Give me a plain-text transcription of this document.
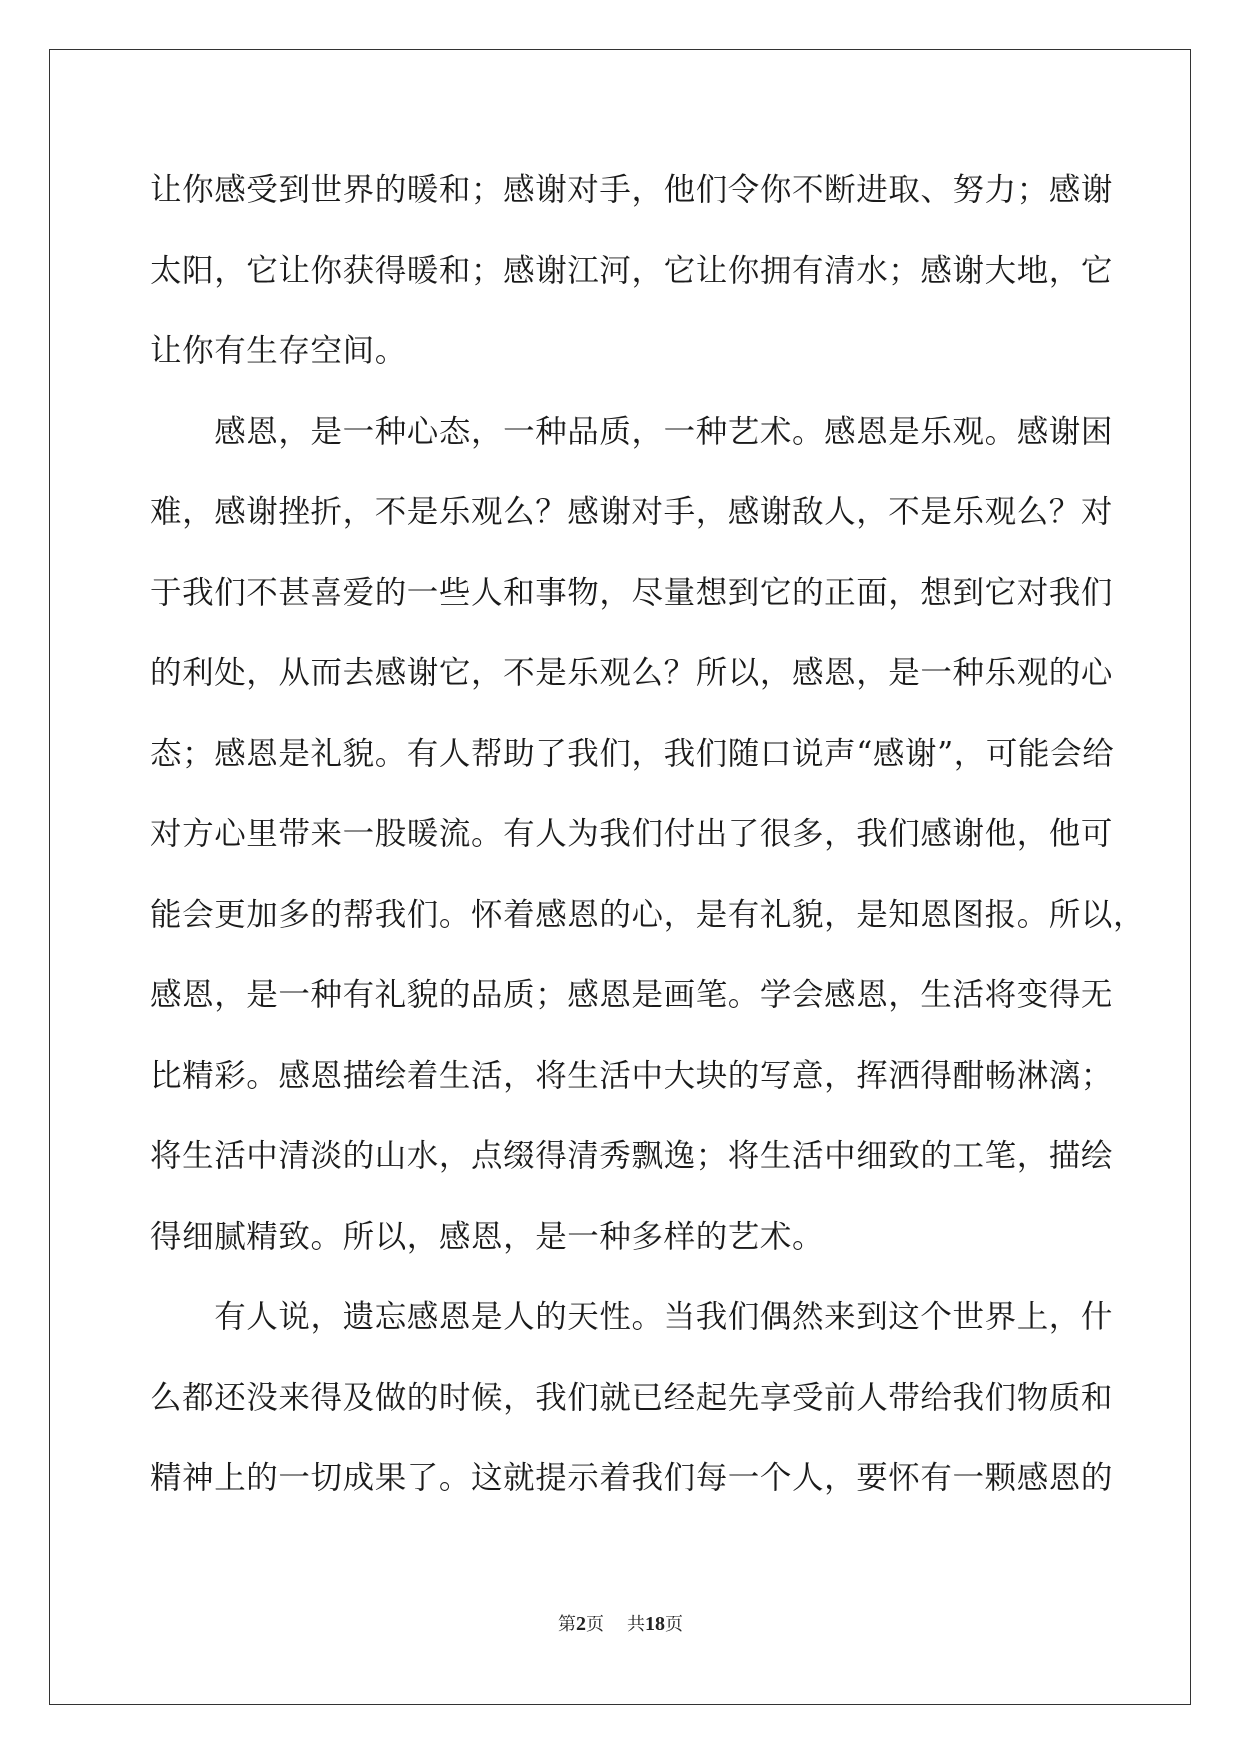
让你感受到世界的暖和；感谢对手，他们令你不断进取、努力；感谢
太阳，它让你获得暖和；感谢江河，它让你拥有清水；感谢大地，它
让你有生存空间。
　　感恩，是一种心态，一种品质，一种艺术。感恩是乐观。感谢困
难，感谢挫折，不是乐观么？感谢对手，感谢敌人，不是乐观么？对
于我们不甚喜爱的一些人和事物，尽量想到它的正面，想到它对我们
的利处，从而去感谢它，不是乐观么？所以，感恩，是一种乐观的心
态；感恩是礼貌。有人帮助了我们，我们随口说声“感谢”，可能会给
对方心里带来一股暖流。有人为我们付出了很多，我们感谢他，他可
能会更加多的帮我们。怀着感恩的心，是有礼貌，是知恩图报。所以，
感恩，是一种有礼貌的品质；感恩是画笔。学会感恩，生活将变得无
比精彩。感恩描绘着生活，将生活中大块的写意，挥洒得酣畅淋漓；
将生活中清淡的山水，点缀得清秀飘逸；将生活中细致的工笔，描绘
得细腻精致。所以，感恩，是一种多样的艺术。
　　有人说，遗忘感恩是人的天性。当我们偶然来到这个世界上，什
么都还没来得及做的时候，我们就已经起先享受前人带给我们物质和
精神上的一切成果了。这就提示着我们每一个人，要怀有一颗感恩的
第2页 共18页
